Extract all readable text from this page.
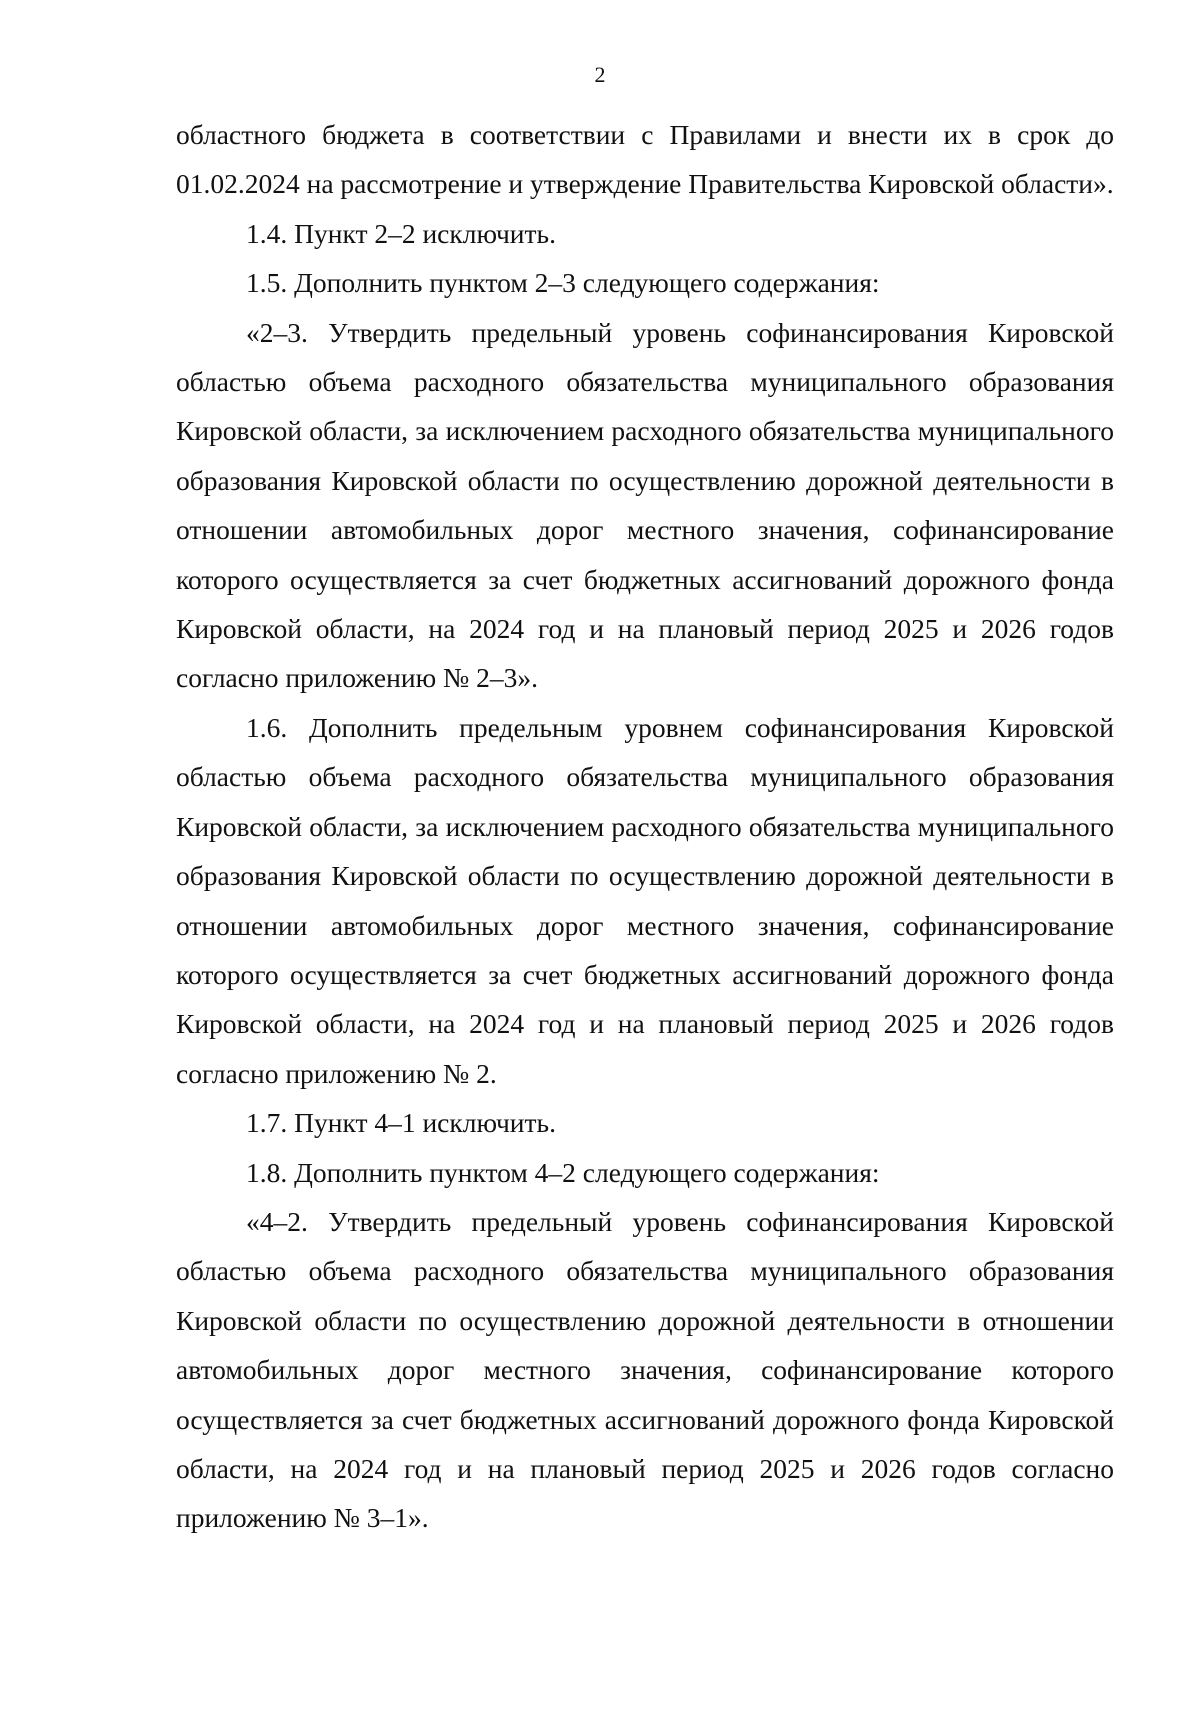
2

областного бюджета в соответствии с Правилами и внести их в срок до 01.02.2024 на рассмотрение и утверждение Правительства Кировской области».

1.4. Пункт 2–2 исключить.

1.5. Дополнить пунктом 2–3 следующего содержания:

«2–3. Утвердить предельный уровень софинансирования Кировской областью объема расходного обязательства муниципального образования Кировской области, за исключением расходного обязательства муниципального образования Кировской области по осуществлению дорожной деятельности в отношении автомобильных дорог местного значения, софинансирование которого осуществляется за счет бюджетных ассигнований дорожного фонда Кировской области, на 2024 год и на плановый период 2025 и 2026 годов согласно приложению № 2–3».

1.6. Дополнить предельным уровнем софинансирования Кировской областью объема расходного обязательства муниципального образования Кировской области, за исключением расходного обязательства муниципального образования Кировской области по осуществлению дорожной деятельности в отношении автомобильных дорог местного значения, софинансирование которого осуществляется за счет бюджетных ассигнований дорожного фонда Кировской области, на 2024 год и на плановый период 2025 и 2026 годов согласно приложению № 2.

1.7. Пункт 4–1 исключить.

1.8. Дополнить пунктом 4–2 следующего содержания:

«4–2. Утвердить предельный уровень софинансирования Кировской областью объема расходного обязательства муниципального образования Кировской области по осуществлению дорожной деятельности в отношении автомобильных дорог местного значения, софинансирование которого осуществляется за счет бюджетных ассигнований дорожного фонда Кировской области, на 2024 год и на плановый период 2025 и 2026 годов согласно приложению № 3–1».
